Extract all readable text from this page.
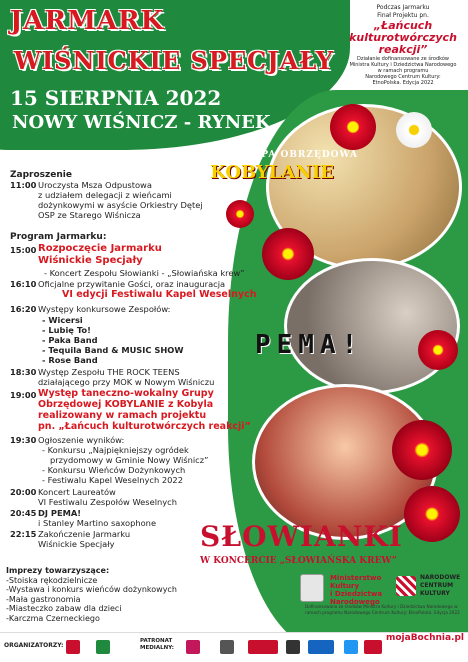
JARMARK
WIŚNICKIE SPECJAŁY
15 SIERPNIA 2022
NOWY WIŚNICZ - RYNEK
Podczas Jarmarku
Finał Projektu pn.
„Łańcuch kulturotwórczych reakcji”
Działanie dofinansowane ze środków
Ministra Kultury i Dziedzictwa Narodowego
w ramach programu
Narodowego Centrum Kultury:
EtnoPolska. Edycja 2022
GRUPA OBRZĘDOWA
KOBYLANIE
PEMA!
SŁOWIANKI
W KONCERCIE „SŁOWIAŃSKA KREW”
Zaproszenie
11:00 Uroczysta Msza Odpustowa
z udziałem delegacji z wieńcami
dożynkowymi w asyście Orkiestry Dętej
OSP ze Starego Wiśnicza
Program Jarmarku:
15:00 Rozpoczęcie Jarmarku
Wiśnickie Specjały
- Koncert Zespołu Słowianki - „Słowiańska krew”
16:10 Oficjalne przywitanie Gości, oraz inauguracja
VI edycji Festiwalu Kapel Weselnych
16:20 Występy konkursowe Zespołów:
- Wicersi
- Lubię To!
- Paka Band
- Tequila Band & MUSIC SHOW
- Rose Band
18:30 Występ Zespołu THE ROCK TEENS
działającego przy MOK w Nowym Wiśniczu
19:00 Występ taneczno-wokalny Grupy
Obrzędowej KOBYLANIE z Kobyla
realizowany w ramach projektu
pn. „Łańcuch kulturotwórczych reakcji”
19:30 Ogłoszenie wyników:
- Konkursu „Najpiękniejszy ogródek
przydomowy w Gminie Nowy Wiśnicz”
- Konkursu Wieńców Dożynkowych
- Festiwalu Kapel Weselnych 2022
20:00 Koncert Laureatów
VI Festiwalu Zespołów Weselnych
20:45 DJ PEMA!
i Stanley Martino saxophone
22:15 Zakończenie Jarmarku
Wiśnickie Specjały
Imprezy towarzyszące:
-Stoiska rękodzielnicze
-Wystawa i konkurs wieńców dożynkowych
-Mała gastronomia
-Miasteczko zabaw dla dzieci
-Karczma Czerneckiego
Ministerstwo
Kultury
i Dziedzictwa
Narodowego
NARODOWE
CENTRUM
KULTURY
Dofinansowano ze środków Ministra Kultury i Dziedzictwa Narodowego w ramach programu Narodowego Centrum Kultury: EtnoPolska. Edycja 2022
ORGANIZATORZY:
PATRONAT
MEDIALNY:
mojaBochnia.pl
